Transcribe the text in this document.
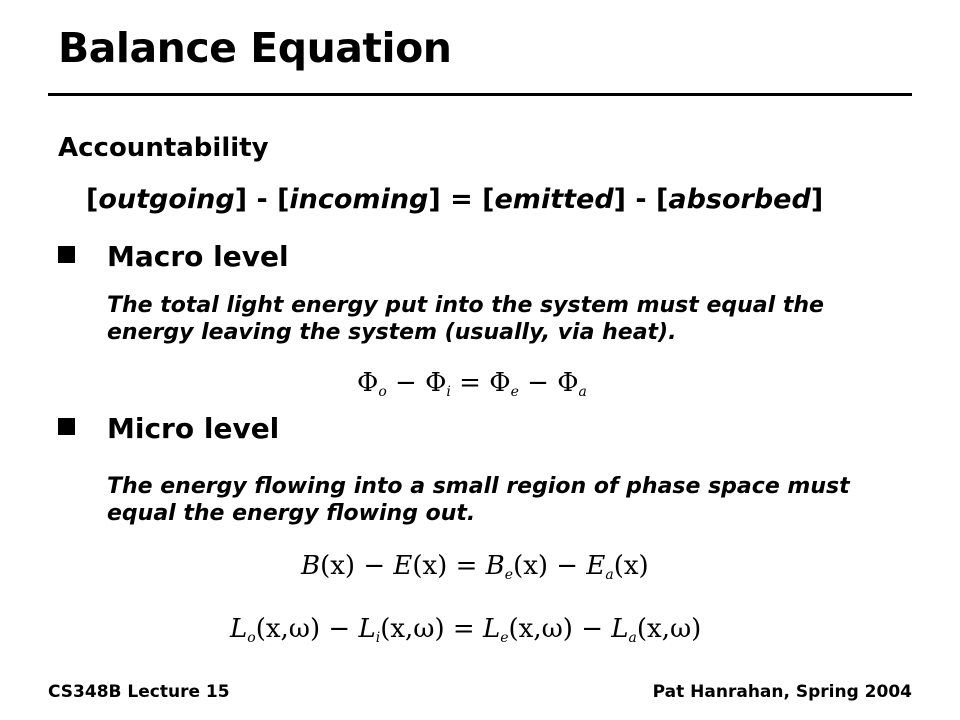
Balance Equation
Accountability
[outgoing] - [incoming] = [emitted] - [absorbed]
Macro level
The total light energy put into the system must equal the energy leaving the system (usually, via heat).
$\Phi_o - \Phi_i = \Phi_e - \Phi_a$
Micro level
The energy flowing into a small region of phase space must equal the energy flowing out.
$B(x) - E(x) = B_e(x) - E_a(x)$
$L_o(x,\omega) - L_i(x,\omega) = L_e(x,\omega) - L_a(x,\omega)$
CS348B Lecture 15	Pat Hanrahan, Spring 2004
